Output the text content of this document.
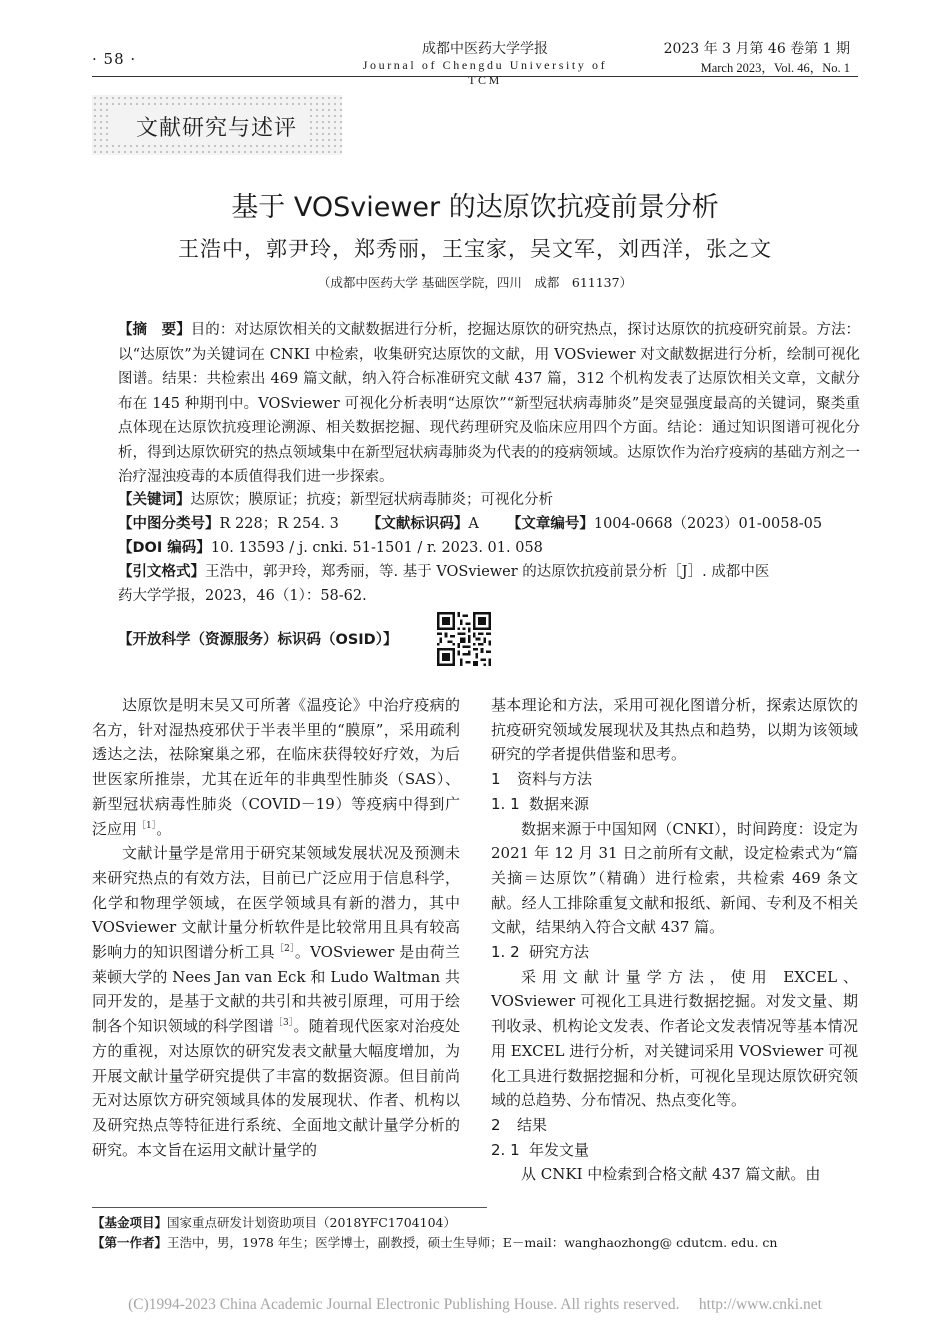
· 58 ·
成都中医药大学学报
Journal of Chengdu University of TCM
2023 年 3 月第 46 卷第 1 期
March 2023，Vol. 46，No. 1
文献研究与述评
基于 VOSviewer 的达原饮抗疫前景分析
王浩中，郭尹玲，郑秀丽，王宝家，吴文军，刘西洋，张之文
（成都中医药大学 基础医学院，四川　成都　611137）
【摘　要】目的：对达原饮相关的文献数据进行分析，挖掘达原饮的研究热点，探讨达原饮的抗疫研究前景。方法：以“达原饮”为关键词在 CNKI 中检索，收集研究达原饮的文献，用 VOSviewer 对文献数据进行分析，绘制可视化图谱。结果：共检索出 469 篇文献，纳入符合标准研究文献 437 篇，312 个机构发表了达原饮相关文章，文献分布在 145 种期刊中。VOSviewer 可视化分析表明“达原饮”“新型冠状病毒肺炎”是突显强度最高的关键词，聚类重点体现在达原饮抗疫理论溯源、相关数据挖掘、现代药理研究及临床应用四个方面。结论：通过知识图谱可视化分析，得到达原饮研究的热点领域集中在新型冠状病毒肺炎为代表的的疫病领域。达原饮作为治疗疫病的基础方剂之一治疗湿浊疫毒的本质值得我们进一步探索。
【关键词】达原饮；膜原证；抗疫；新型冠状病毒肺炎；可视化分析
【中图分类号】R 228；R 254. 3 【文献标识码】A 【文章编号】1004-0668（2023）01-0058-05
【DOI 编码】10. 13593 / j. cnki. 51-1501 / r. 2023. 01. 058
【引文格式】王浩中，郭尹玲，郑秀丽，等. 基于 VOSviewer 的达原饮抗疫前景分析［J］. 成都中医
药大学学报，2023，46（1）：58-62.
【开放科学（资源服务）标识码（OSID）】

达原饮是明末吴又可所著《温疫论》中治疗疫病的名方，针对湿热疫邪伏于半表半里的“膜原”，采用疏利透达之法，祛除窠巢之邪，在临床获得较好疗效，为后世医家所推崇，尤其在近年的非典型性肺炎（SAS）、新型冠状病毒性肺炎（COVID－19）等疫病中得到广泛应用$^{[1]}$。

文献计量学是常用于研究某领域发展状况及预测未来研究热点的有效方法，目前已广泛应用于信息科学，化学和物理学领域，在医学领域具有新的潜力，其中 VOSviewer 文献计量分析软件是比较常用且具有较高影响力的知识图谱分析工具$^{[2]}$。VOSviewer 是由荷兰莱顿大学的 Nees Jan van Eck 和 Ludo Waltman 共同开发的，是基于文献的共引和共被引原理，可用于绘制各个知识领域的科学图谱$^{[3]}$。随着现代医家对治疫处方的重视，对达原饮的研究发表文献量大幅度增加，为开展文献计量学研究提供了丰富的数据资源。但目前尚无对达原饮方研究领域具体的发展现状、作者、机构以及研究热点等特征进行系统、全面地文献计量学分析的研究。本文旨在运用文献计量学的

基本理论和方法，采用可视化图谱分析，探索达原饮的抗疫研究领域发展现状及其热点和趋势，以期为该领域研究的学者提供借鉴和思考。

1 资料与方法
1. 1 数据来源

数据来源于中国知网（CNKI），时间跨度：设定为 2021 年 12 月 31 日之前所有文献，设定检索式为“篇关摘＝达原饮”（精确）进行检索，共检索 469 条文献。经人工排除重复文献和报纸、新闻、专利及不相关文献，结果纳入符合文献 437 篇。

1. 2 研究方法

采用文献计量学方法，使用 EXCEL、VOSviewer 可视化工具进行数据挖掘。对发文量、期刊收录、机构论文发表、作者论文发表情况等基本情况用 EXCEL 进行分析，对关键词采用 VOSviewer 可视化工具进行数据挖掘和分析，可视化呈现达原饮研究领域的总趋势、分布情况、热点变化等。

2 结果
2. 1 年发文量

从 CNKI 中检索到合格文献 437 篇文献。由

【基金项目】国家重点研发计划资助项目（2018YFC1704104）
【第一作者】王浩中，男，1978 年生；医学博士，副教授，硕士生导师；E－mail：wanghaozhong@ cdutcm. edu. cn
(C)1994-2023 China Academic Journal Electronic Publishing House. All rights reserved.     http://www.cnki.net
